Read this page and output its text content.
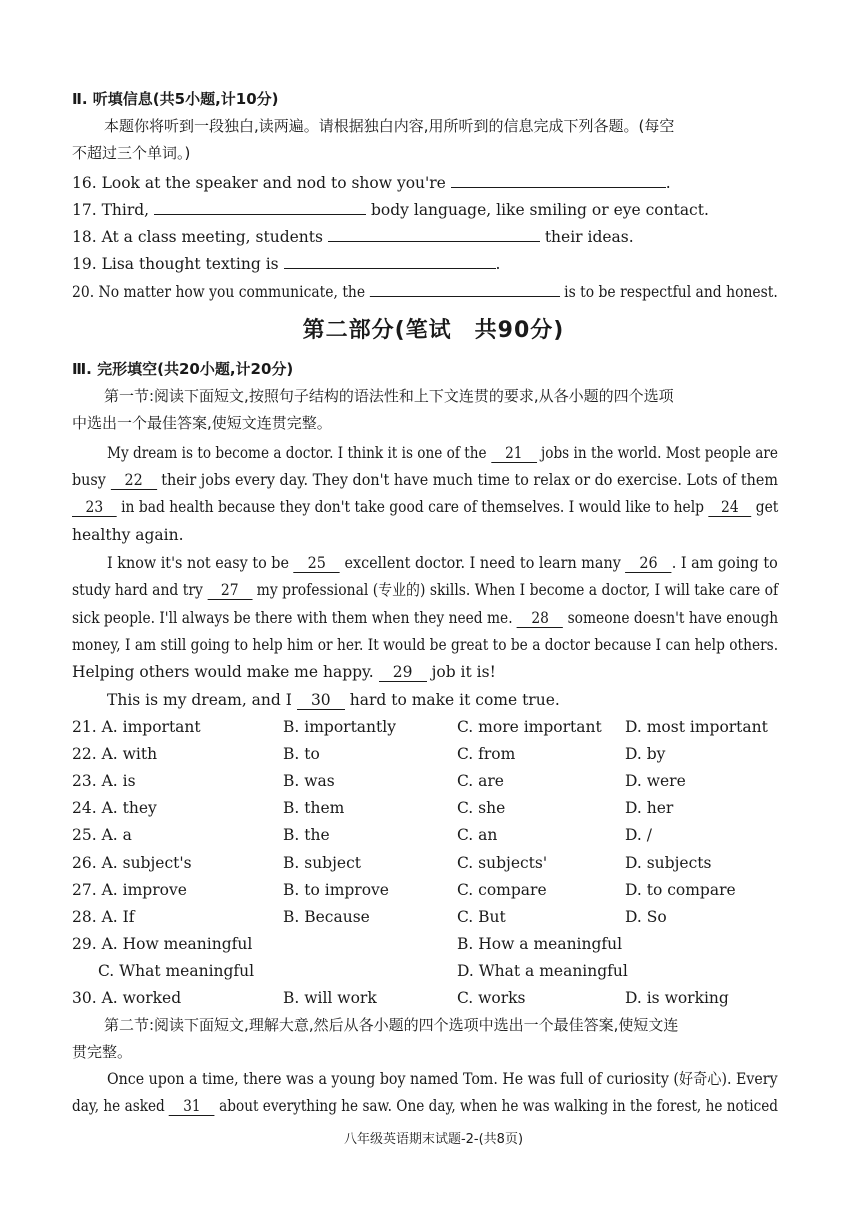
Ⅱ. 听填信息(共5小题,计10分)
本题你将听到一段独白,读两遍。请根据独白内容,用所听到的信息完成下列各题。(每空
不超过三个单词。)
16. Look at the speaker and nod to show you're	.
17. Third,	body language, like smiling or eye contact.
18. At a class meeting, students	their ideas.
19. Lisa thought texting is	.
20. No matter how you communicate, the	is to be respectful and honest.
第二部分(笔试　共90分)
Ⅲ. 完形填空(共20小题,计20分)
第一节:阅读下面短文,按照句子结构的语法性和上下文连贯的要求,从各小题的四个选项
中选出一个最佳答案,使短文连贯完整。
My dream is to become a doctor. I think it is one of the 21 jobs in the world. Most people are
busy 22 their jobs every day. They don't have much time to relax or do exercise. Lots of them
23 in bad health because they don't take good care of themselves. I would like to help 24 get
healthy again.
I know it's not easy to be 25 excellent doctor. I need to learn many 26 . I am going to
study hard and try 27 my professional (专业的) skills. When I become a doctor, I will take care of
sick people. I'll always be there with them when they need me. 28 someone doesn't have enough
money, I am still going to help him or her. It would be great to be a doctor because I can help others.
Helping others would make me happy. 29 job it is!
This is my dream, and I 30 hard to make it come true.
21. A. important	B. importantly	C. more important D. most important
22. A. with	B. to	C. from	D. by
23. A. is	B. was	C. are	D. were
24. A. they	B. them	C. she	D. her
25. A. a	B. the	C. an	D. /
26. A. subject's	B. subject	C. subjects'	D. subjects
27. A. improve	B. to improve	C. compare	D. to compare
28. A. If	B. Because	C. But	D. So
29. A. How meaningful	B. How a meaningful
C. What meaningful	D. What a meaningful
30. A. worked	B. will work	C. works	D. is working
第二节:阅读下面短文,理解大意,然后从各小题的四个选项中选出一个最佳答案,使短文连
贯完整。
Once upon a time, there was a young boy named Tom. He was full of curiosity (好奇心). Every
day, he asked 31 about everything he saw. One day, when he was walking in the forest, he noticed
八年级英语期末试题-2-(共8页)
